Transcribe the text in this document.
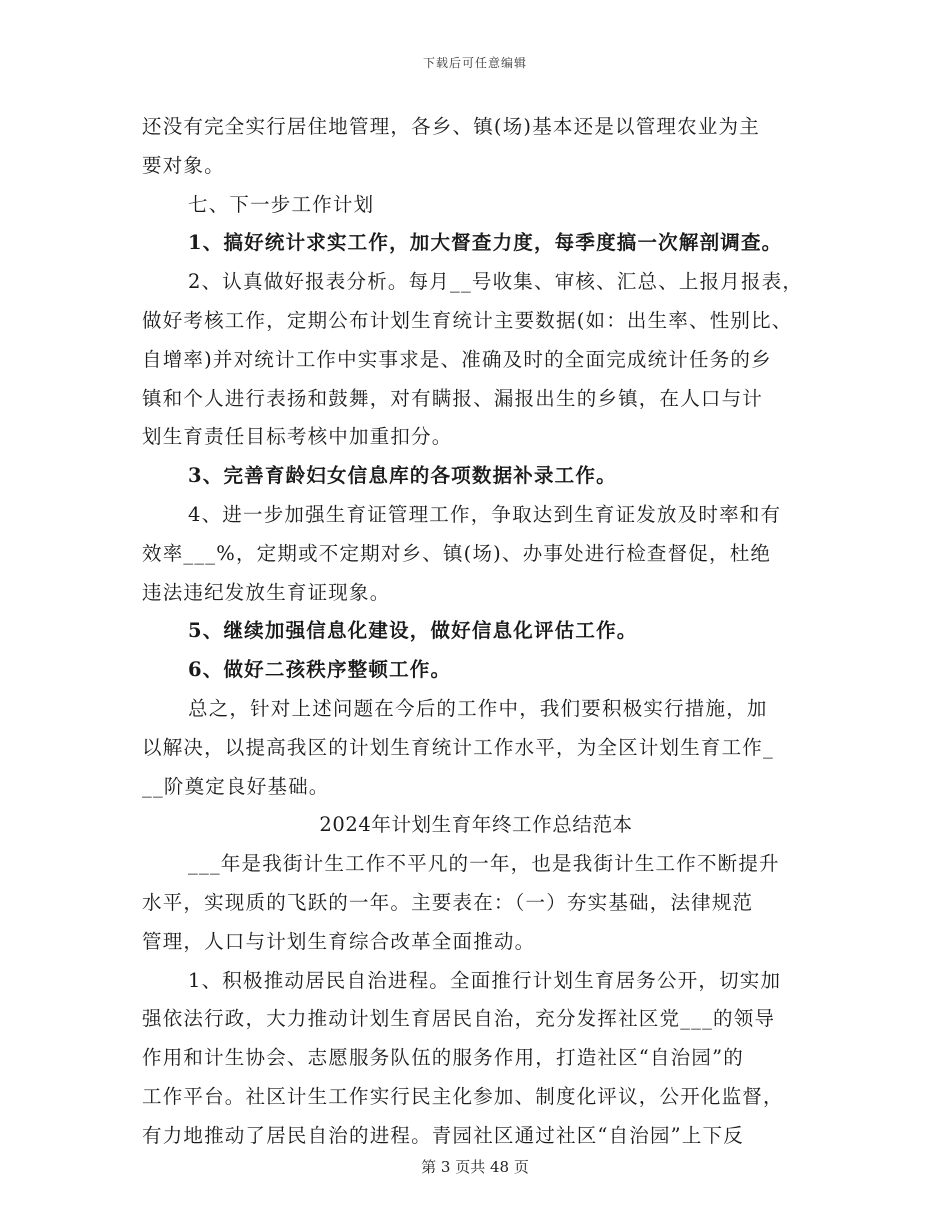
下载后可任意编辑
还没有完全实行居住地管理，各乡、镇(场)基本还是以管理农业为主
要对象。
七、下一步工作计划
1、搞好统计求实工作，加大督查力度，每季度搞一次解剖调查。
2、认真做好报表分析。每月__号收集、审核、汇总、上报月报表，
做好考核工作，定期公布计划生育统计主要数据(如：出生率、性别比、
自增率)并对统计工作中实事求是、准确及时的全面完成统计任务的乡
镇和个人进行表扬和鼓舞，对有瞒报、漏报出生的乡镇，在人口与计
划生育责任目标考核中加重扣分。
3、完善育龄妇女信息库的各项数据补录工作。
4、进一步加强生育证管理工作，争取达到生育证发放及时率和有
效率___%，定期或不定期对乡、镇(场)、办事处进行检查督促，杜绝
违法违纪发放生育证现象。
5、继续加强信息化建设，做好信息化评估工作。
6、做好二孩秩序整顿工作。
总之，针对上述问题在今后的工作中，我们要积极实行措施，加
以解决，以提高我区的计划生育统计工作水平，为全区计划生育工作_
__阶奠定良好基础。
2024年计划生育年终工作总结范本
___年是我街计生工作不平凡的一年，也是我街计生工作不断提升
水平，实现质的飞跃的一年。主要表在：（一）夯实基础，法律规范
管理，人口与计划生育综合改革全面推动。
1、积极推动居民自治进程。全面推行计划生育居务公开，切实加
强依法行政，大力推动计划生育居民自治，充分发挥社区党___的领导
作用和计生协会、志愿服务队伍的服务作用，打造社区“自治园”的
工作平台。社区计生工作实行民主化参加、制度化评议，公开化监督，
有力地推动了居民自治的进程。青园社区通过社区“自治园”上下反
第 3 页共 48 页
